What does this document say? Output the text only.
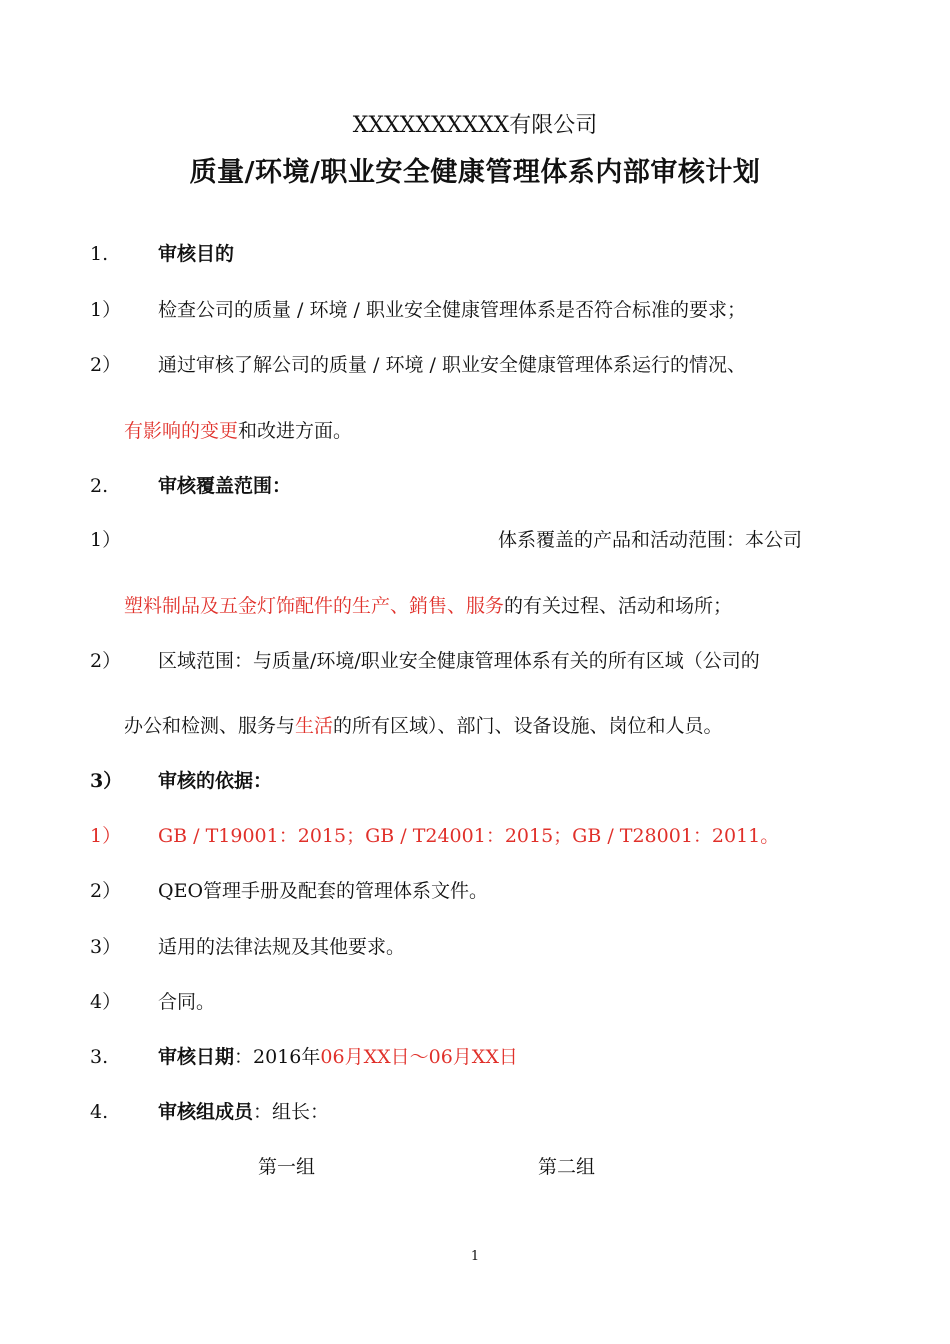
XXXXXXXXXX有限公司
质量/环境/职业安全健康管理体系内部审核计划
1.	审核目的
1） 检查公司的质量 / 环境 / 职业安全健康管理体系是否符合标准的要求；
2） 通过审核了解公司的质量 / 环境 / 职业安全健康管理体系运行的情况、
有影响的变更和改进方面。
2.	审核覆盖范围：
1）	体系覆盖的产品和活动范围：本公司
塑料制品及五金灯饰配件的生产、銷售、服务的有关过程、活动和场所；
2） 区域范围：与质量/环境/职业安全健康管理体系有关的所有区域（公司的
办公和检测、服务与生活的所有区域）、部门、设备设施、岗位和人员。
3） 审核的依据：
1） GB / T19001：2015；GB / T24001：2015；GB / T28001：2011。
2） QEO管理手册及配套的管理体系文件。
3） 适用的法律法规及其他要求。
4） 合同。
3.	审核日期：2016年06月XX日～06月XX日
4.	审核组成员：组长：
第一组	第二组
1
